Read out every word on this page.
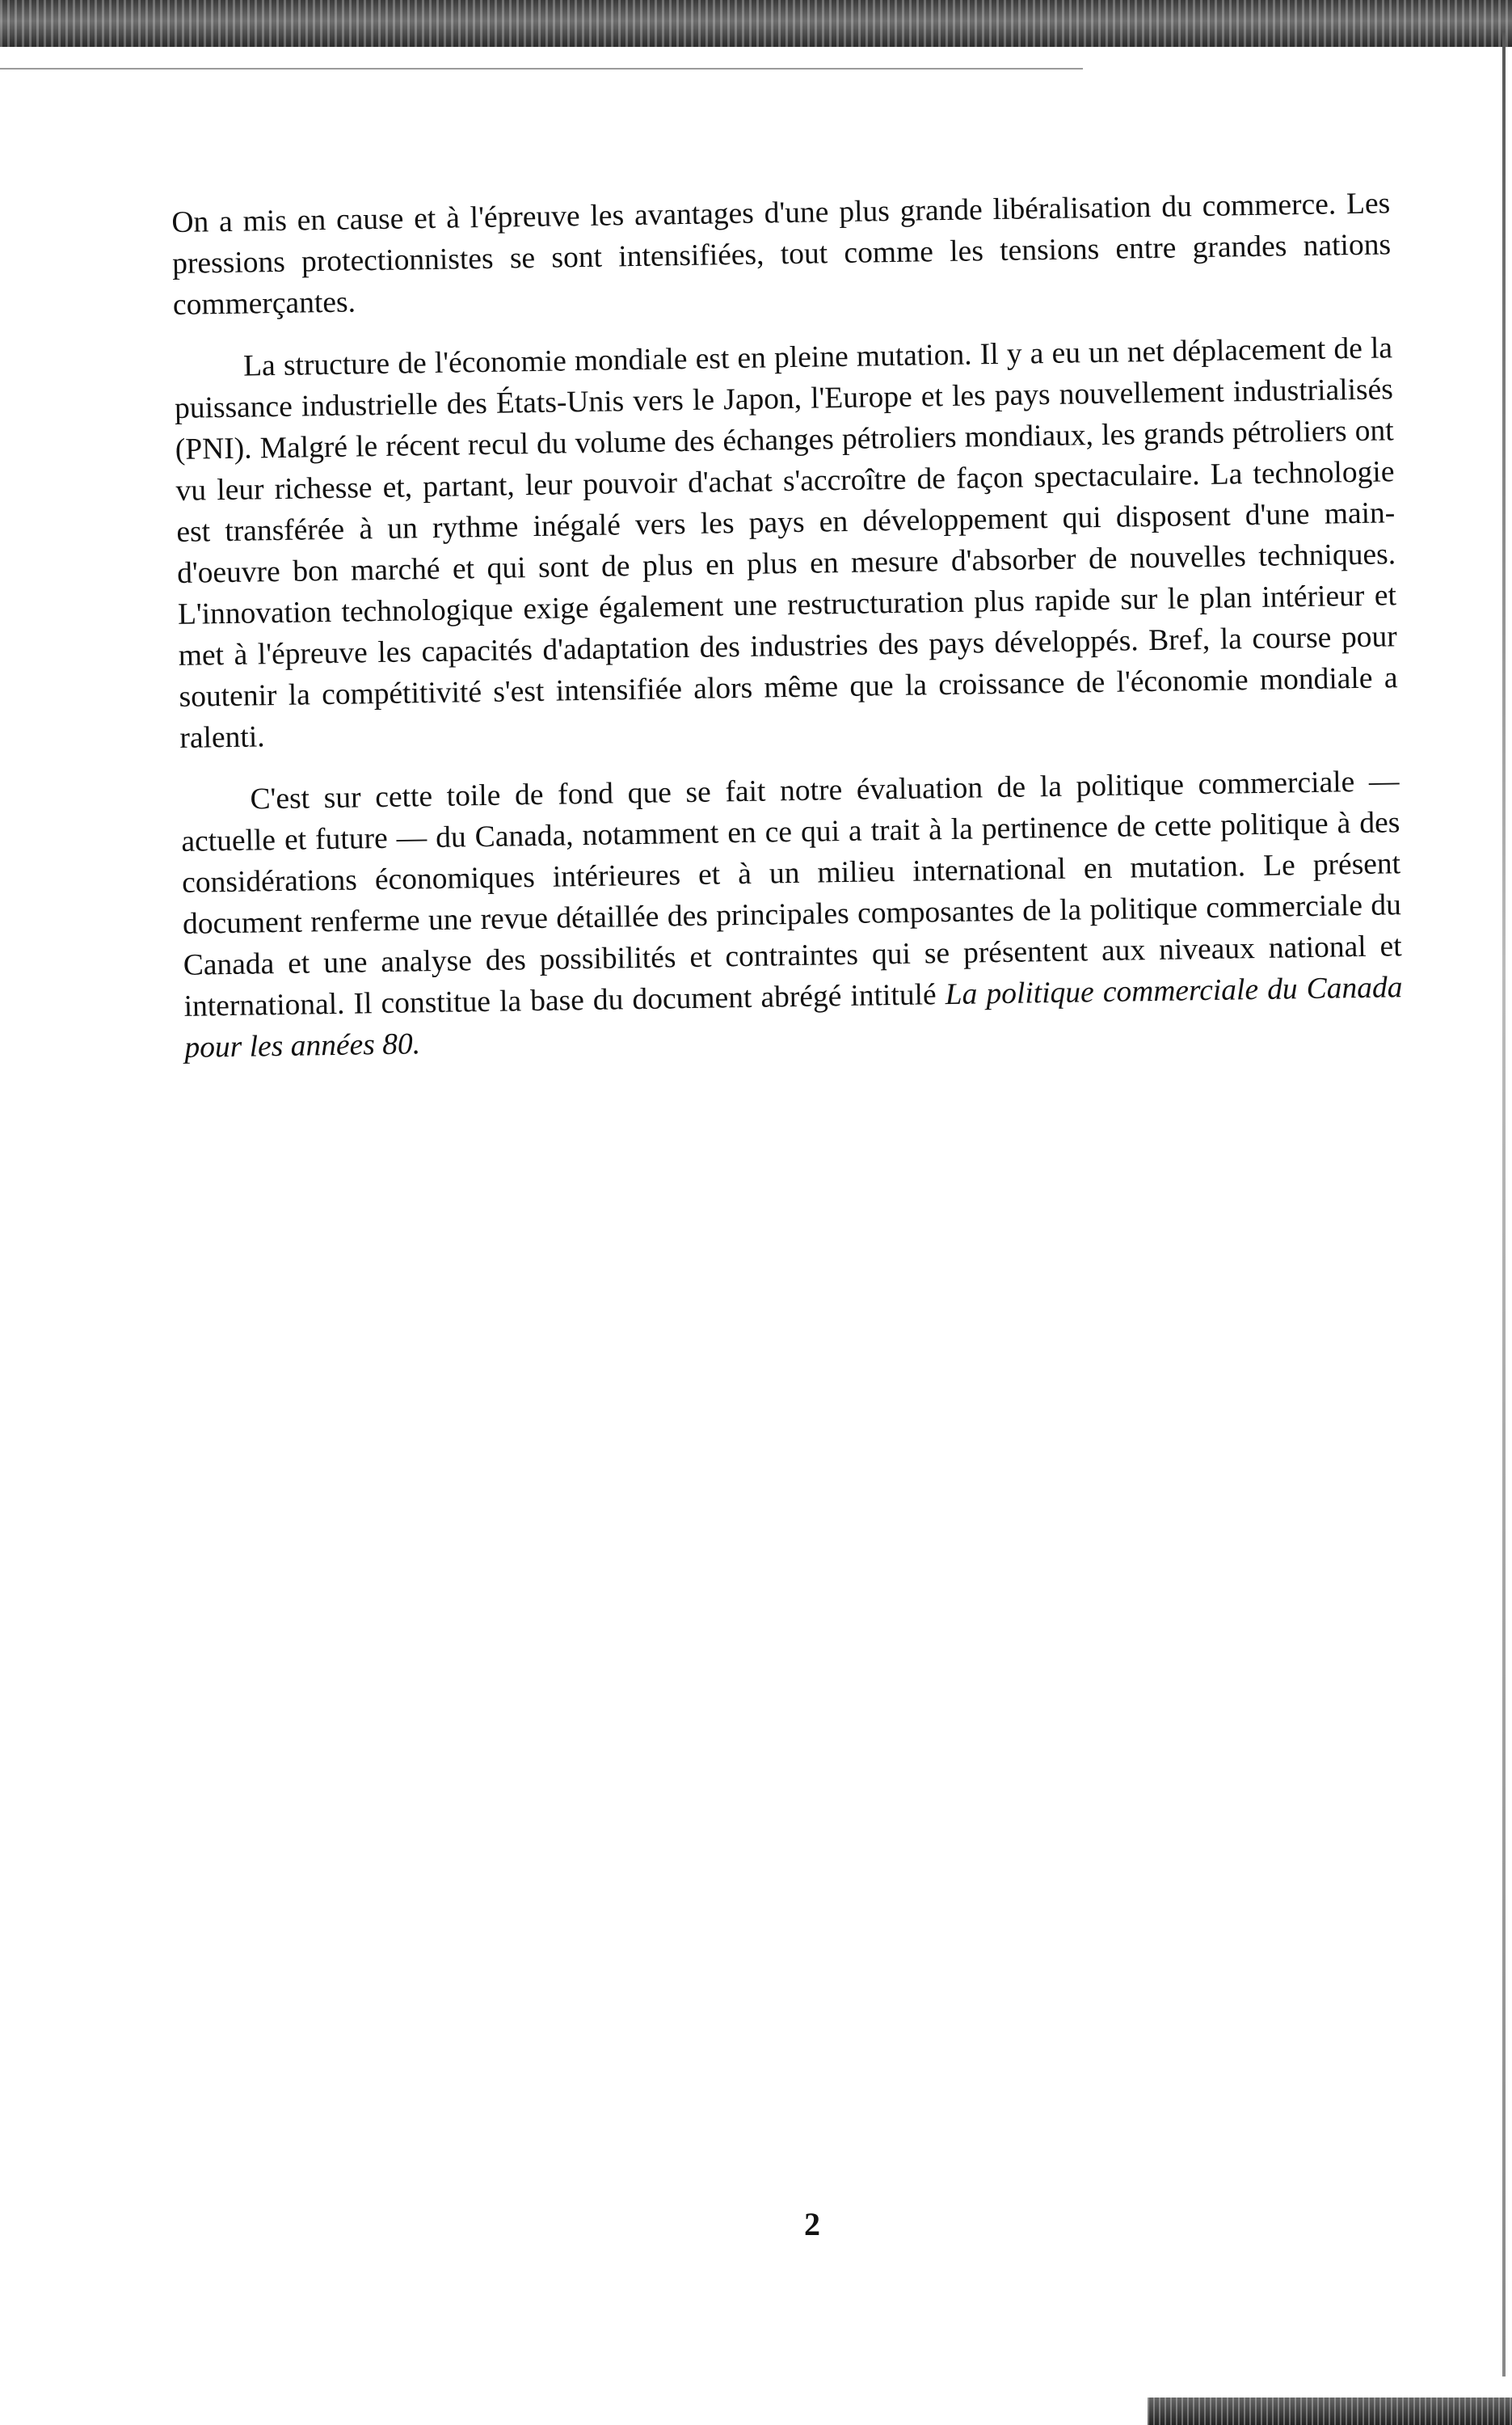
On a mis en cause et à l'épreuve les avantages d'une plus grande libéralisation du commerce. Les pressions protectionnistes se sont intensifiées, tout comme les tensions entre grandes nations commerçantes.

La structure de l'économie mondiale est en pleine mutation. Il y a eu un net déplacement de la puissance industrielle des États-Unis vers le Japon, l'Europe et les pays nouvellement industrialisés (PNI). Malgré le récent recul du volume des échanges pétroliers mondiaux, les grands pétroliers ont vu leur richesse et, partant, leur pouvoir d'achat s'accroître de façon spectaculaire. La technologie est transférée à un rythme inégalé vers les pays en développement qui disposent d'une main-d'oeuvre bon marché et qui sont de plus en plus en mesure d'absorber de nouvelles techniques. L'innovation technologique exige également une restructuration plus rapide sur le plan intérieur et met à l'épreuve les capacités d'adaptation des industries des pays développés. Bref, la course pour soutenir la compétitivité s'est intensifiée alors même que la croissance de l'économie mondiale a ralenti.

C'est sur cette toile de fond que se fait notre évaluation de la politique commerciale — actuelle et future — du Canada, notamment en ce qui a trait à la pertinence de cette politique à des considérations économiques intérieures et à un milieu international en mutation. Le présent document renferme une revue détaillée des principales composantes de la politique commerciale du Canada et une analyse des possibilités et contraintes qui se présentent aux niveaux national et international. Il constitue la base du document abrégé intitulé La politique commerciale du Canada pour les années 80.

2
